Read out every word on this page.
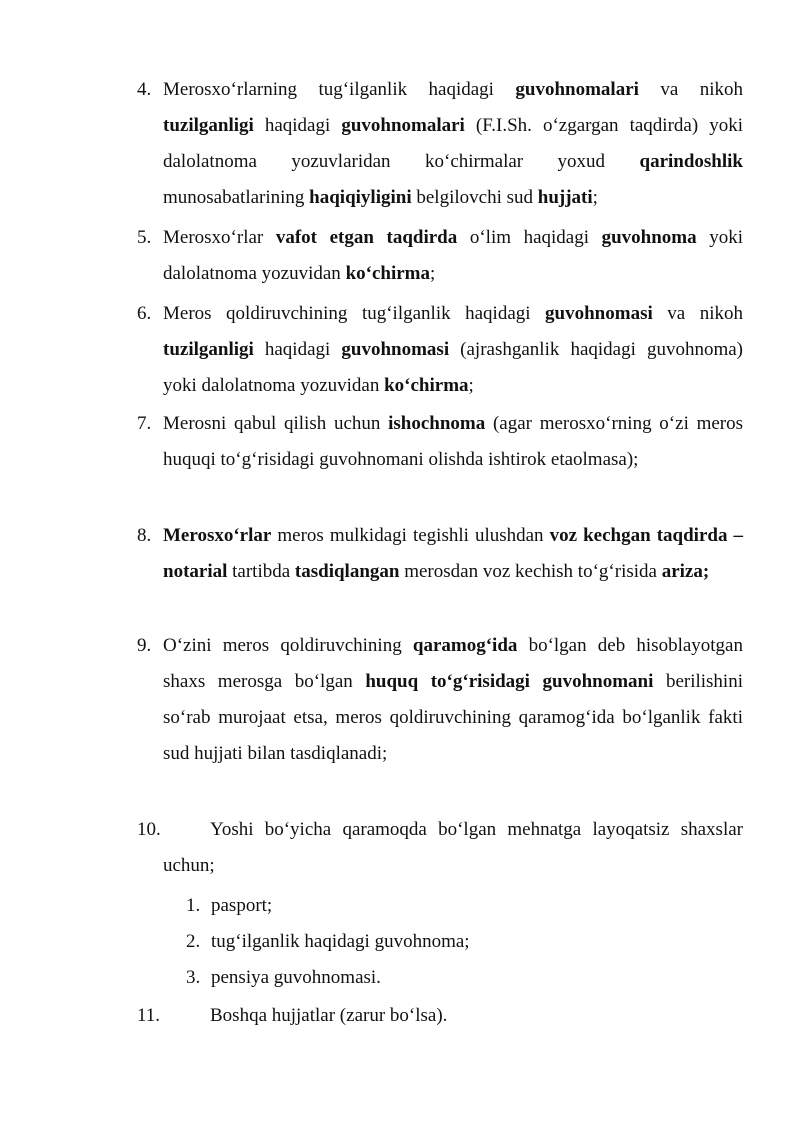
4. Merosxoʻrlarning tugʻilganlik haqidagi guvohnomalari va nikoh tuzilganligi haqidagi guvohnomalari (F.I.Sh. oʻzgargan taqdirda) yoki dalolatnoma yozuvlaridan koʻchirmalar yoxud qarindoshlik munosabatlarining haqiqiyligini belgilovchi sud hujjati;
5. Merosxoʻrlar vafot etgan taqdirda oʻlim haqidagi guvohnoma yoki dalolatnoma yozuvidan koʻchirma;
6. Meros qoldiruvchining tugʻilganlik haqidagi guvohnomasi va nikoh tuzilganligi haqidagi guvohnomasi (ajrashganlik haqidagi guvohnoma) yoki dalolatnoma yozuvidan koʻchirma;
7. Merosni qabul qilish uchun ishochnoma (agar merosxoʻrning oʻzi meros huquqi toʻgʻrisidagi guvohnomani olishda ishtirok etaolmasa);
8. Merosxoʻrlar meros mulkidagi tegishli ulushdan voz kechgan taqdirda – notarial tartibda tasdiqlangan merosdan voz kechish toʻgʻrisida ariza;
9. Oʻzini meros qoldiruvchining qaramogʻida boʻlgan deb hisoblayotgan shaxs merosga boʻlgan huquq toʻgʻrisidagi guvohnomani berilishini soʻrab murojaat etsa, meros qoldiruvchining qaramogʻida boʻlganlik fakti sud hujjati bilan tasdiqlanadi;
10.	Yoshi boʻyicha qaramoqda boʻlgan mehnatga layoqatsiz shaxslar uchun;
1. pasport;
2. tugʻilganlik haqidagi guvohnoma;
3. pensiya guvohnomasi.
11.	Boshqa hujjatlar (zarur boʻlsa).
